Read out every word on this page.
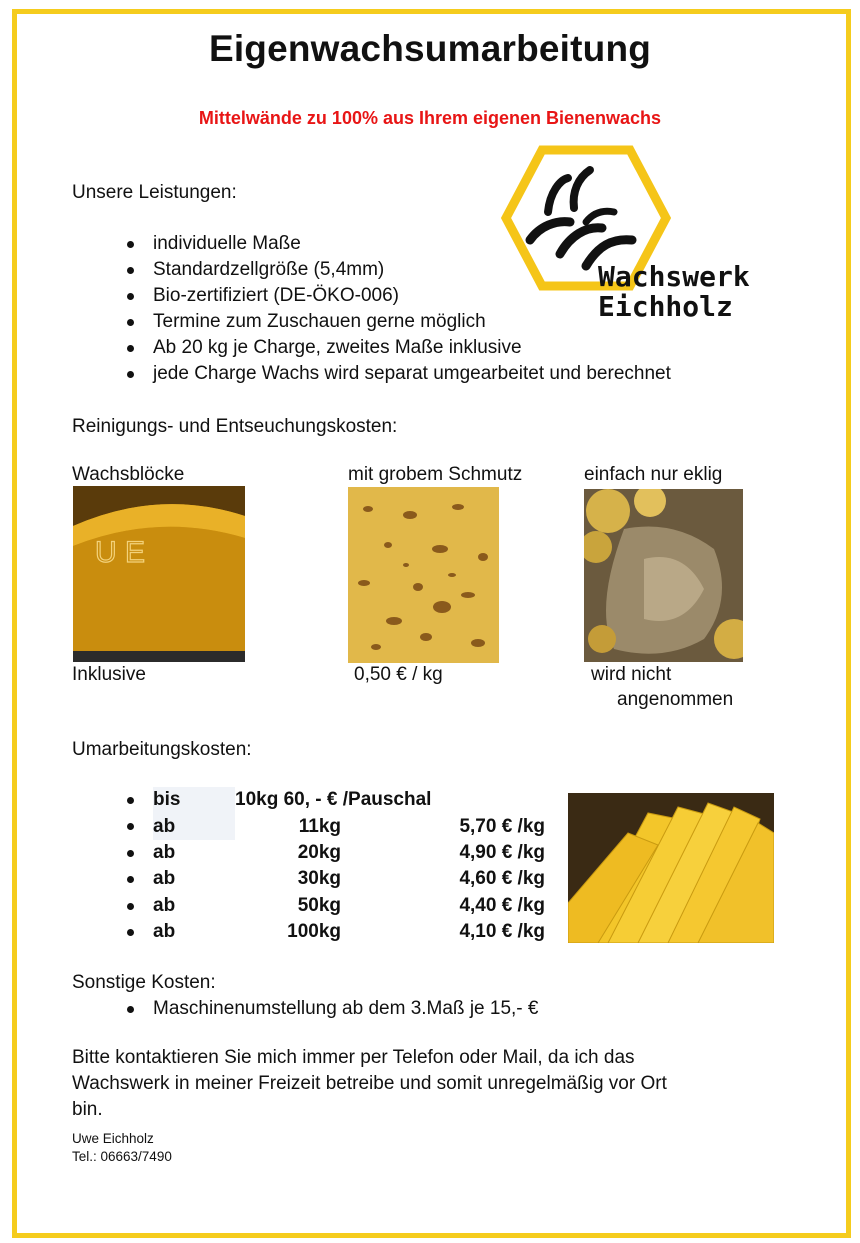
Eigenwachsumarbeitung
Mittelwände zu 100% aus Ihrem eigenen Bienenwachs
Wachswerk
Eichholz
Unsere Leistungen:
individuelle Maße
Standardzellgröße (5,4mm)
Bio-zertifiziert (DE-ÖKO-006)
Termine zum Zuschauen gerne möglich
Ab 20 kg je Charge, zweites Maße inklusive
jede Charge Wachs wird separat umgearbeitet und berechnet
Reinigungs- und Entseuchungskosten:
Wachsblöcke	mit grobem Schmutz	einfach nur eklig
U E
Inklusive	0,50 € / kg	wird nicht
angenommen
Umarbeitungskosten:
	bis	10kg 60, - € /Pauschal	

	ab	11kg	5,70 € /kg

	ab	20kg	4,90 € /kg

	ab	30kg	4,60 € /kg

	ab	50kg	4,40 € /kg

	ab	100kg	4,10 € /kg
Sonstige Kosten:
Maschinenumstellung ab dem 3.Maß je 15,- €
Bitte kontaktieren Sie mich immer per Telefon oder Mail, da ich das
Wachswerk in meiner Freizeit betreibe und somit unregelmäßig vor Ort
bin.
Uwe Eichholz
Tel.: 06663/7490
